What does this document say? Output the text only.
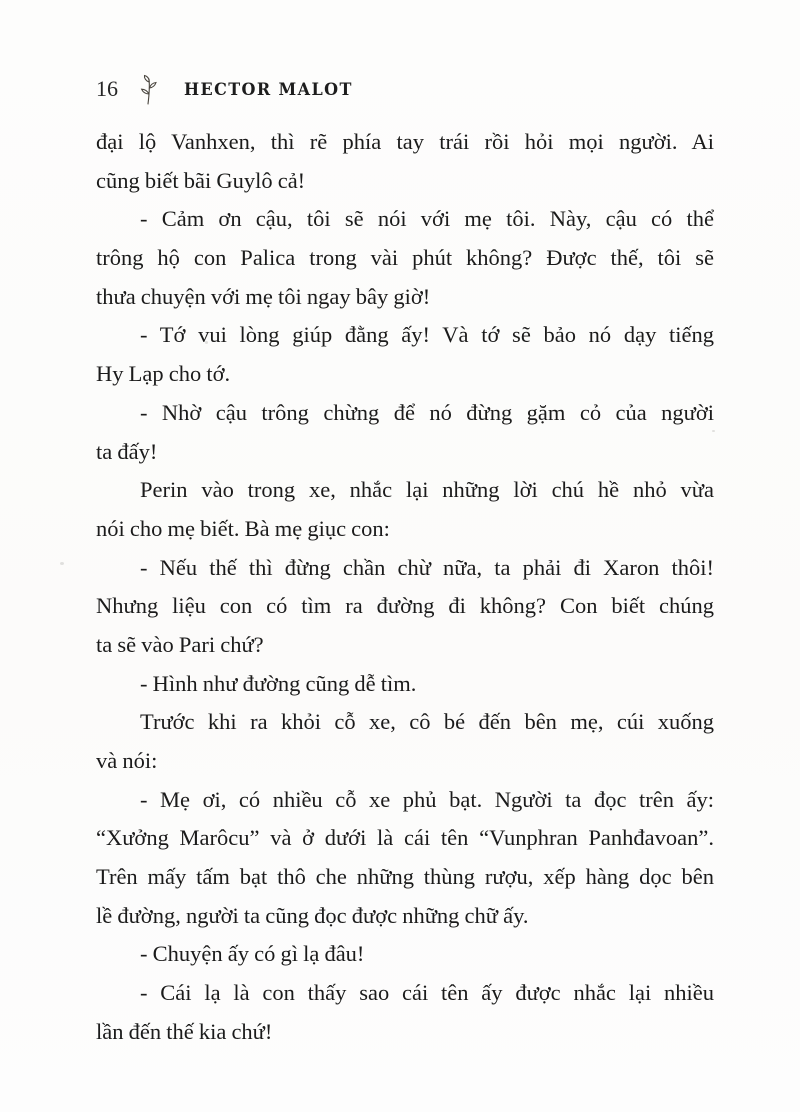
16	HECTOR MALOT
đại lộ Vanhxen, thì rẽ phía tay trái rồi hỏi mọi người. Ai
cũng biết bãi Guylô cả!
- Cảm ơn cậu, tôi sẽ nói với mẹ tôi. Này, cậu có thể
trông hộ con Palica trong vài phút không? Được thế, tôi sẽ
thưa chuyện với mẹ tôi ngay bây giờ!
- Tớ vui lòng giúp đằng ấy! Và tớ sẽ bảo nó dạy tiếng
Hy Lạp cho tớ.
- Nhờ cậu trông chừng để nó đừng gặm cỏ của người
ta đấy!
Perin vào trong xe, nhắc lại những lời chú hề nhỏ vừa
nói cho mẹ biết. Bà mẹ giục con:
- Nếu thế thì đừng chần chừ nữa, ta phải đi Xaron thôi!
Nhưng liệu con có tìm ra đường đi không? Con biết chúng
ta sẽ vào Pari chứ?
- Hình như đường cũng dễ tìm.
Trước khi ra khỏi cỗ xe, cô bé đến bên mẹ, cúi xuống
và nói:
- Mẹ ơi, có nhiều cỗ xe phủ bạt. Người ta đọc trên ấy:
“Xưởng Marôcu” và ở dưới là cái tên “Vunphran Panhđavoan”.
Trên mấy tấm bạt thô che những thùng rượu, xếp hàng dọc bên
lề đường, người ta cũng đọc được những chữ ấy.
- Chuyện ấy có gì lạ đâu!
- Cái lạ là con thấy sao cái tên ấy được nhắc lại nhiều
lần đến thế kia chứ!
